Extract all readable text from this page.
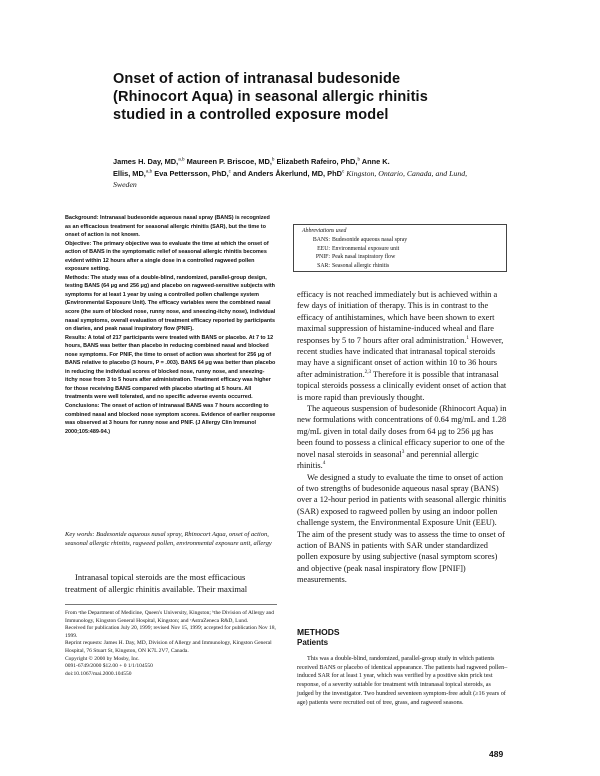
Onset of action of intranasal budesonide (Rhinocort Aqua) in seasonal allergic rhinitis studied in a controlled exposure model

James H. Day, MD,$^{a,b}$ Maureen P. Briscoe, MD,$^b$ Elizabeth Rafeiro, PhD,$^b$ Anne K.
Ellis, MD,$^{a,b}$ Eva Pettersson, PhD,$^c$ and Anders Åkerlund, MD, PhD$^c$ Kingston, Ontario, Canada, and Lund, Sweden

Background: Intranasal budesonide aqueous nasal spray (BANS) is recognized as an efficacious treatment for seasonal allergic rhinitis (SAR), but the time to onset of action is not known.

Objective: The primary objective was to evaluate the time at which the onset of action of BANS in the symptomatic relief of seasonal allergic rhinitis becomes evident within 12 hours after a single dose in a controlled ragweed pollen exposure setting.

Methods: The study was of a double-blind, randomized, parallel-group design, testing BANS (64 μg and 256 μg) and placebo on ragweed-sensitive subjects with symptoms for at least 1 year by using a controlled pollen challenge system (Environmental Exposure Unit). The efficacy variables were the combined nasal score (the sum of blocked nose, runny nose, and sneezing-itchy nose), individual nasal symptoms, overall evaluation of treatment efficacy reported by participants on diaries, and peak nasal inspiratory flow (PNIF).

Results: A total of 217 participants were treated with BANS or placebo. At 7 to 12 hours, BANS was better than placebo in reducing combined nasal and blocked nose symptoms. For PNIF, the time to onset of action was shortest for 256 μg of BANS relative to placebo (3 hours, P = .003). BANS 64 μg was better than placebo in reducing the individual scores of blocked nose, runny nose, and sneezing-itchy nose from 3 to 5 hours after administration. Treatment efficacy was higher for those receiving BANS compared with placebo starting at 5 hours. All treatments were well tolerated, and no specific adverse events occurred.

Conclusions: The onset of action of intranasal BANS was 7 hours according to combined nasal and blocked nose symptom scores. Evidence of earlier response was observed at 3 hours for runny nose and PNIF. (J Allergy Clin Immunol 2000;105:489-94.)

Key words: Budesonide aqueous nasal spray, Rhinocort Aqua, onset of action, seasonal allergic rhinitis, ragweed pollen, environmental exposure unit, allergy

Intranasal topical steroids are the most efficacious treatment of allergic rhinitis available. Their maximal

From ᵃthe Department of Medicine, Queen's University, Kingston; ᵇthe Division of Allergy and Immunology, Kingston General Hospital, Kingston; and ᶜAstraZeneca R&D, Lund.

Received for publication July 20, 1999; revised Nov 15, 1999; accepted for publication Nov 18, 1999.

Reprint requests: James H. Day, MD, Division of Allergy and Immunology, Kingston General Hospital, 76 Stuart St, Kingston, ON K7L 2V7, Canada.

Copyright © 2000 by Mosby, Inc.

0091-6749/2000 $12.00 + 0 1/1/104550

doi:10.1067/mai.2000.104550

Abbreviations used

BANS: Budesonide aqueous nasal spray
EEU: Environmental exposure unit
PNIF: Peak nasal inspiratory flow
SAR: Seasonal allergic rhinitis

efficacy is not reached immediately but is achieved within a few days of initiation of therapy. This is in contrast to the efficacy of antihistamines, which have been shown to exert maximal suppression of histamine-induced wheal and flare responses by 5 to 7 hours after oral administration.$^1$ However, recent studies have indicated that intranasal topical steroids may have a significant onset of action within 10 to 36 hours after administration.$^{2,3}$ Therefore it is possible that intranasal topical steroids possess a clinically evident onset of action that is more rapid than previously thought.

The aqueous suspension of budesonide (Rhinocort Aqua) in new formulations with concentrations of 0.64 mg/mL and 1.28 mg/mL given in total daily doses from 64 μg to 256 μg has been found to possess a clinical efficacy superior to one of the novel nasal steroids in seasonal$^3$ and perennial allergic rhinitis.$^4$

We designed a study to evaluate the time to onset of action of two strengths of budesonide aqueous nasal spray (BANS) over a 12-hour period in patients with seasonal allergic rhinitis (SAR) exposed to ragweed pollen by using an indoor pollen challenge system, the Environmental Exposure Unit (EEU). The aim of the present study was to assess the time to onset of action of BANS in patients with SAR under standardized pollen exposure by using subjective (nasal symptom scores) and objective (peak nasal inspiratory flow [PNIF]) measurements.

METHODS
Patients

This was a double-blind, randomized, parallel-group study in which patients received BANS or placebo of identical appearance. The patients had ragweed pollen–induced SAR for at least 1 year, which was verified by a positive skin prick test response, of a severity suitable for treatment with intranasal topical steroids, as judged by the investigator. Two hundred seventeen symptom-free adult (≥16 years of age) patients were recruited out of tree, grass, and ragweed seasons.

489
